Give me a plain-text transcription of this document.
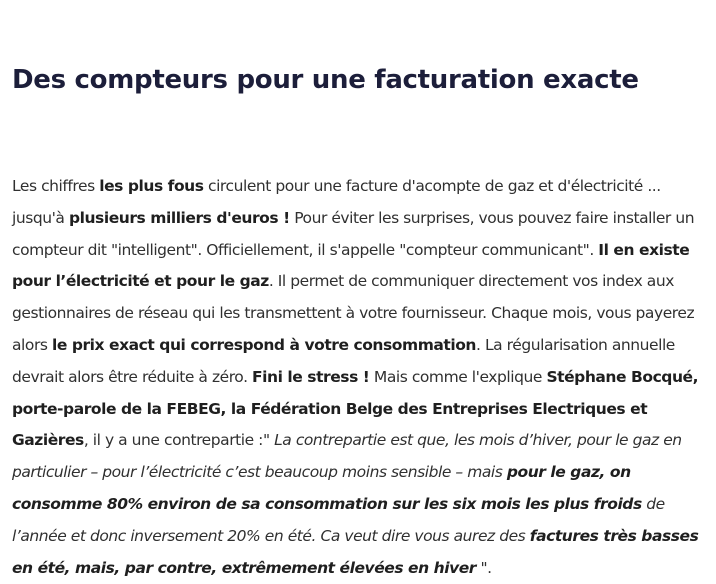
Des compteurs pour une facturation exacte

Les chiffres les plus fous circulent pour une facture d'acompte de gaz et d'électricité ... jusqu'à plusieurs milliers d'euros ! Pour éviter les surprises, vous pouvez faire installer un compteur dit "intelligent". Officiellement, il s'appelle "compteur communicant". Il en existe pour l’électricité et pour le gaz. Il permet de communiquer directement vos index aux gestionnaires de réseau qui les transmettent à votre fournisseur. Chaque mois, vous payerez alors le prix exact qui correspond à votre consommation. La régularisation annuelle devrait alors être réduite à zéro. Fini le stress ! Mais comme l'explique Stéphane Bocqué, porte-parole de la FEBEG, la Fédération Belge des Entreprises Electriques et Gazières, il y a une contrepartie :" La contrepartie est que, les mois d’hiver, pour le gaz en particulier – pour l’électricité c’est beaucoup moins sensible – mais pour le gaz, on consomme 80% environ de sa consommation sur les six mois les plus froids de l’année et donc inversement 20% en été. Ca veut dire vous aurez des factures très basses en été, mais, par contre, extrêmement élevées en hiver ".
